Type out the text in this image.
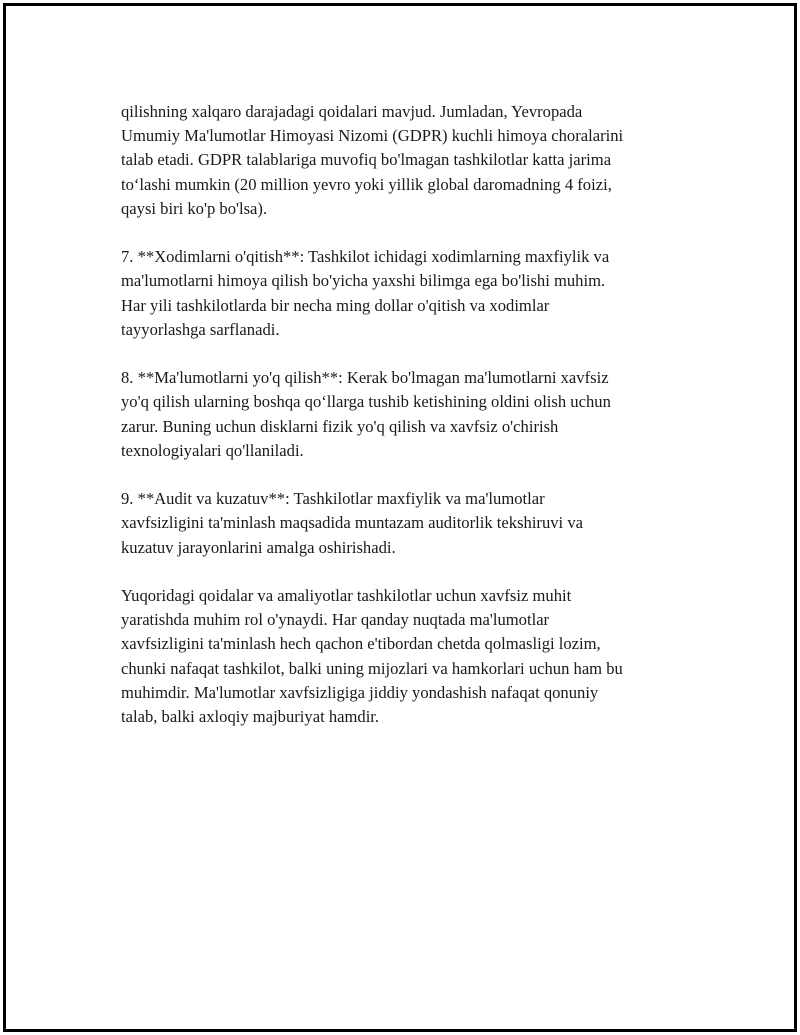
qilishning xalqaro darajadagi qoidalari mavjud. Jumladan, Yevropada
Umumiy Ma'lumotlar Himoyasi Nizomi (GDPR) kuchli himoya choralarini
talab etadi. GDPR talablariga muvofiq bo'lmagan tashkilotlar katta jarima
to‘lashi mumkin (20 million yevro yoki yillik global daromadning 4 foizi,
qaysi biri ko'p bo'lsa).

7. **Xodimlarni o'qitish**: Tashkilot ichidagi xodimlarning maxfiylik va
ma'lumotlarni himoya qilish bo'yicha yaxshi bilimga ega bo'lishi muhim.
Har yili tashkilotlarda bir necha ming dollar o'qitish va xodimlar
tayyorlashga sarflanadi.

8. **Ma'lumotlarni yo'q qilish**: Kerak bo'lmagan ma'lumotlarni xavfsiz
yo'q qilish ularning boshqa qo‘llarga tushib ketishining oldini olish uchun
zarur. Buning uchun disklarni fizik yo'q qilish va xavfsiz o'chirish
texnologiyalari qo'llaniladi.

9. **Audit va kuzatuv**: Tashkilotlar maxfiylik va ma'lumotlar
xavfsizligini ta'minlash maqsadida muntazam auditorlik tekshiruvi va
kuzatuv jarayonlarini amalga oshirishadi.

Yuqoridagi qoidalar va amaliyotlar tashkilotlar uchun xavfsiz muhit
yaratishda muhim rol o'ynaydi. Har qanday nuqtada ma'lumotlar
xavfsizligini ta'minlash hech qachon e'tibordan chetda qolmasligi lozim,
chunki nafaqat tashkilot, balki uning mijozlari va hamkorlari uchun ham bu
muhimdir. Ma'lumotlar xavfsizligiga jiddiy yondashish nafaqat qonuniy
talab, balki axloqiy majburiyat hamdir.
